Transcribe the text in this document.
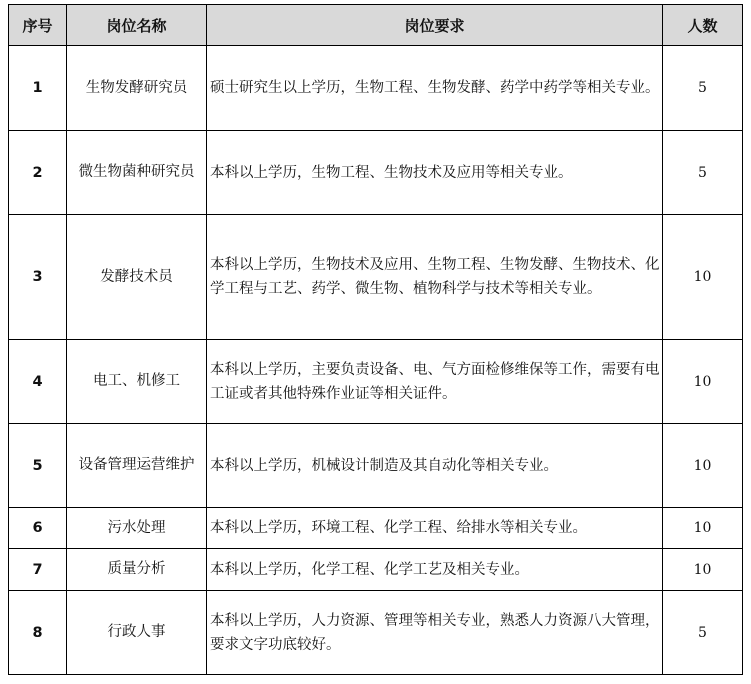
序号	岗位名称	岗位要求	人数
1	生物发酵研究员	硕士研究生以上学历，生物工程、生物发酵、药学中药学等相关专业。	5
2	微生物菌种研究员	本科以上学历，生物工程、生物技术及应用等相关专业。	5
3	发酵技术员	本科以上学历，生物技术及应用、生物工程、生物发酵、生物技术、化学工程与工艺、药学、微生物、植物科学与技术等相关专业。	10
4	电工、机修工	本科以上学历，主要负责设备、电、气方面检修维保等工作，需要有电工证或者其他特殊作业证等相关证件。	10
5	设备管理运营维护	本科以上学历，机械设计制造及其自动化等相关专业。	10
6	污水处理	本科以上学历，环境工程、化学工程、给排水等相关专业。	10
7	质量分析	本科以上学历，化学工程、化学工艺及相关专业。	10
8	行政人事	本科以上学历，人力资源、管理等相关专业，熟悉人力资源八大管理，要求文字功底较好。	5
